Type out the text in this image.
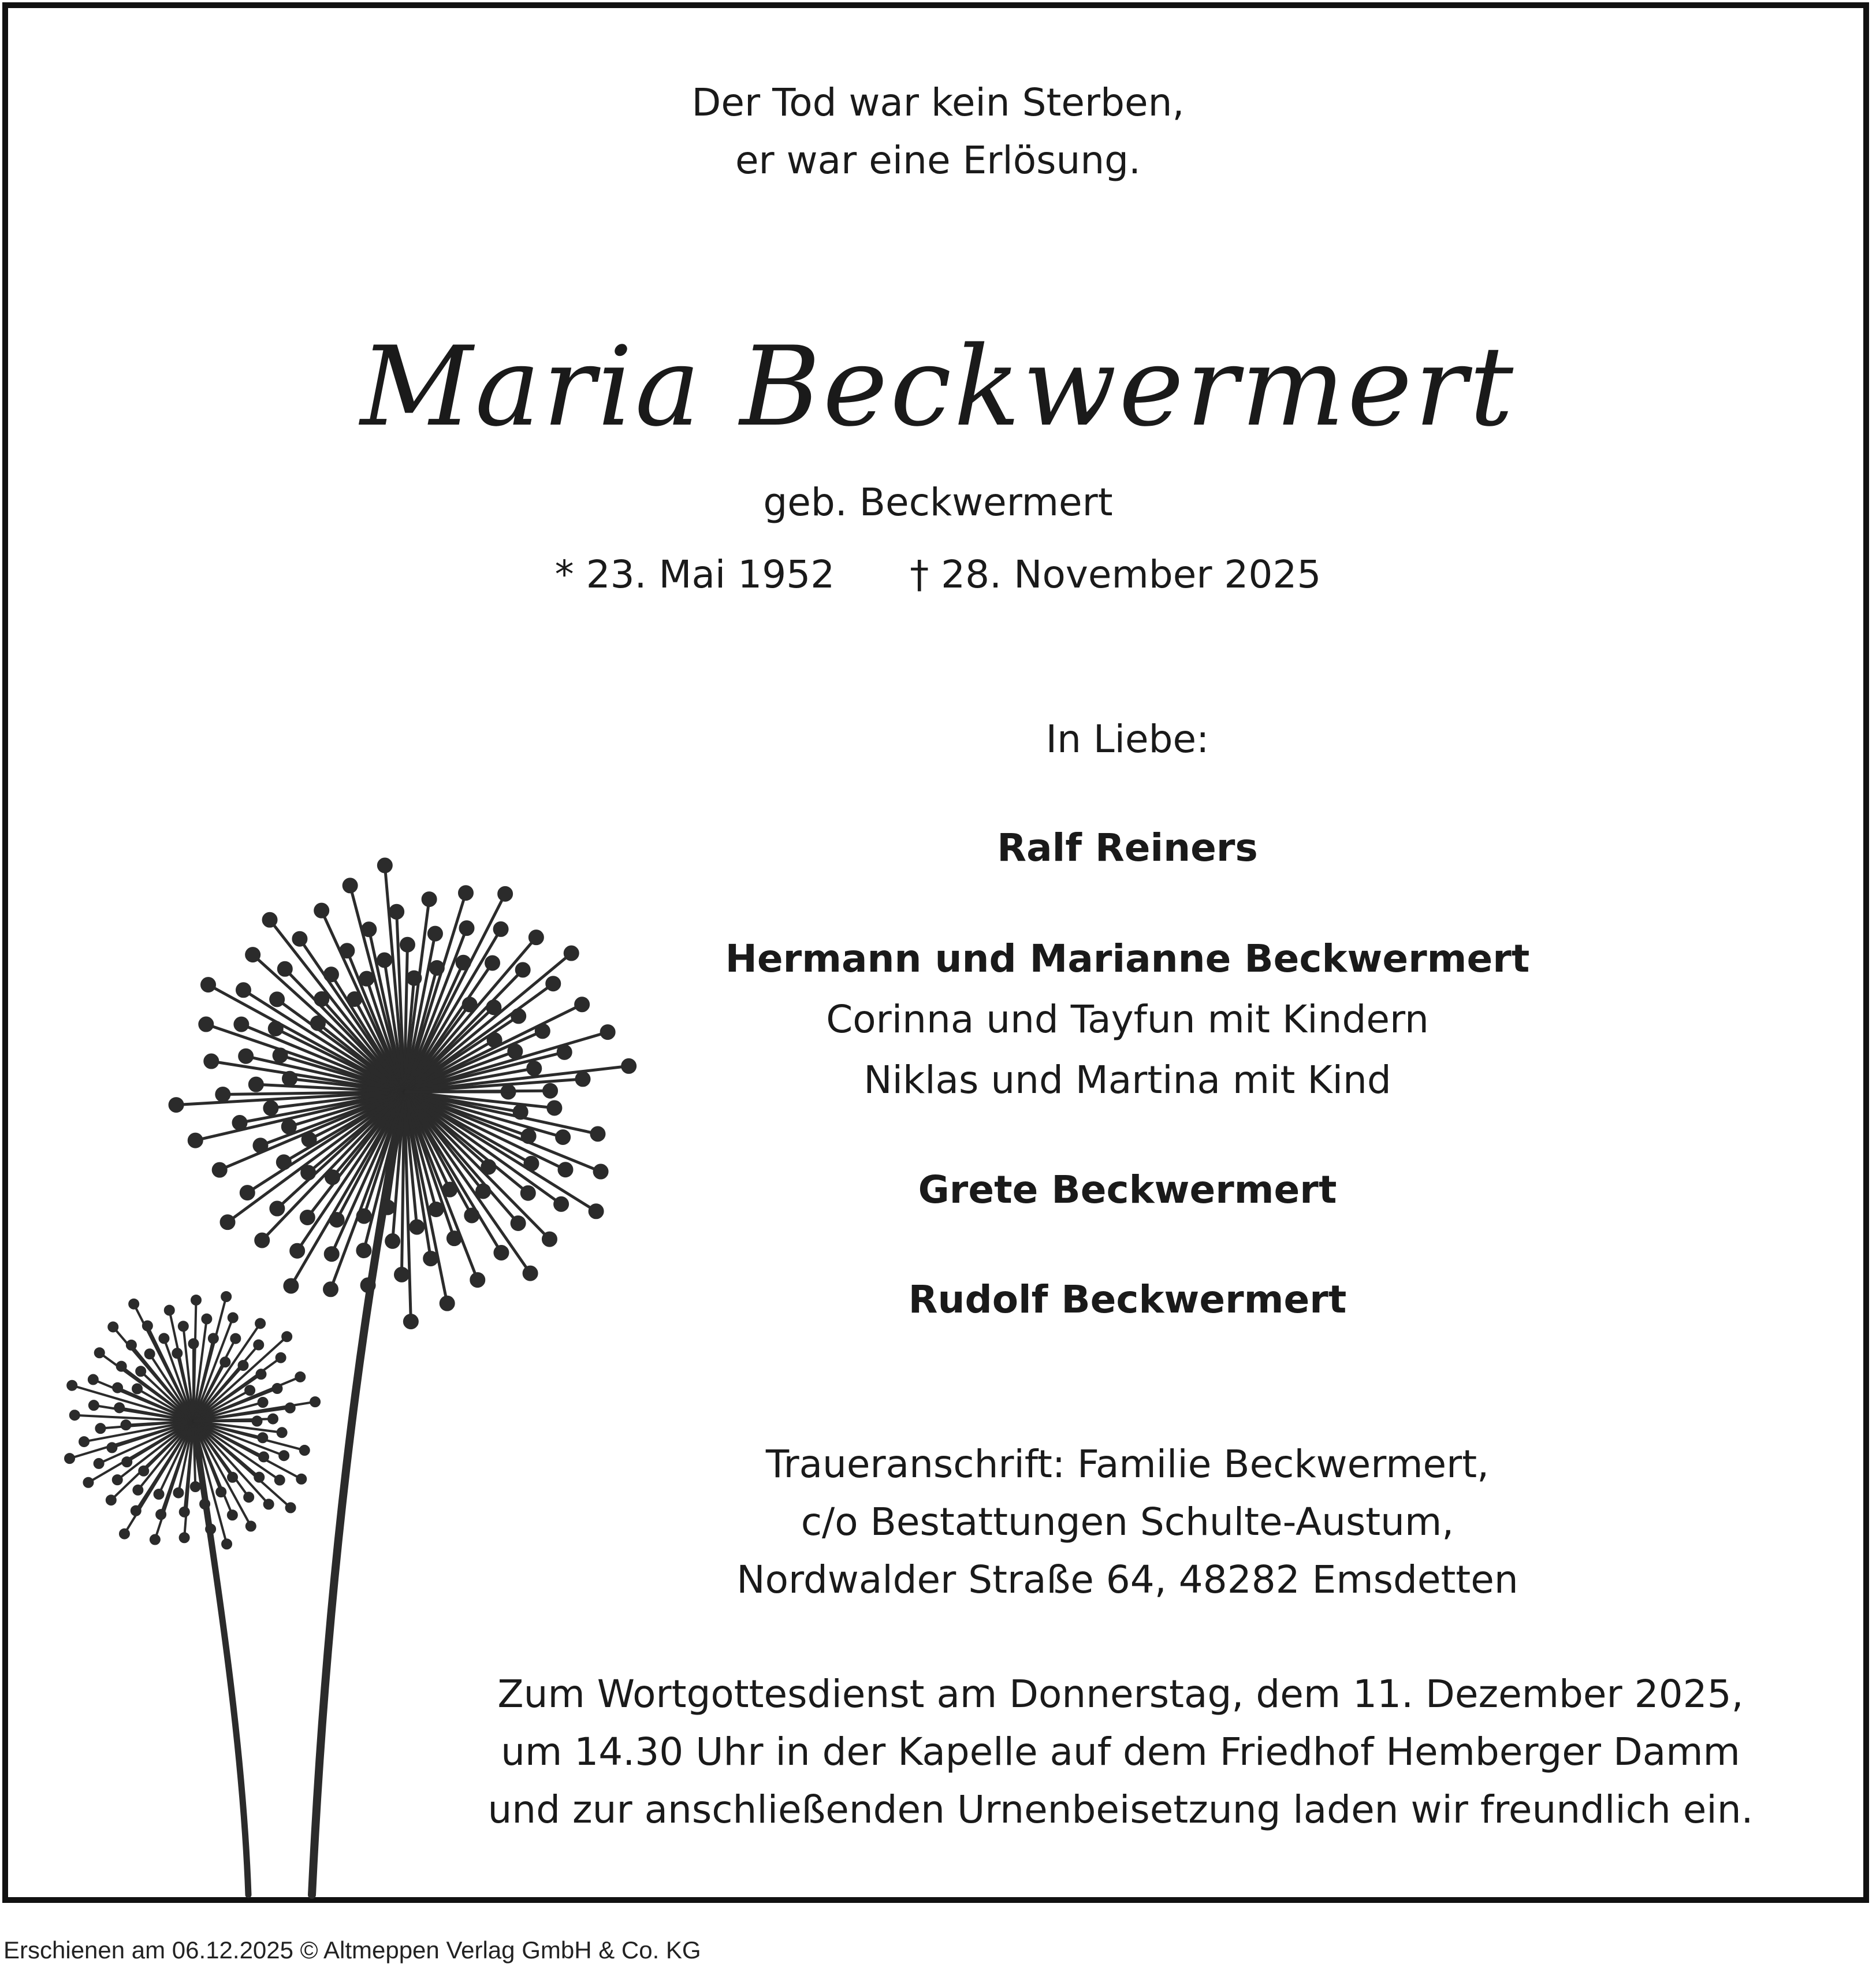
Der Tod war kein Sterben,
er war eine Erlösung.
Maria Beckwermert
geb. Beckwermert
* 23. Mai 1952 † 28. November 2025
In Liebe:
Ralf Reiners
Hermann und Marianne Beckwermert
Corinna und Tayfun mit Kindern
Niklas und Martina mit Kind
Grete Beckwermert
Rudolf Beckwermert
Traueranschrift: Familie Beckwermert,
c/o Bestattungen Schulte-Austum,
Nordwalder Straße 64, 48282 Emsdetten
Zum Wortgottesdienst am Donnerstag, dem 11. Dezember 2025,
um 14.30 Uhr in der Kapelle auf dem Friedhof Hemberger Damm
und zur anschließenden Urnenbeisetzung laden wir freundlich ein.
Erschienen am 06.12.2025 © Altmeppen Verlag GmbH & Co. KG
